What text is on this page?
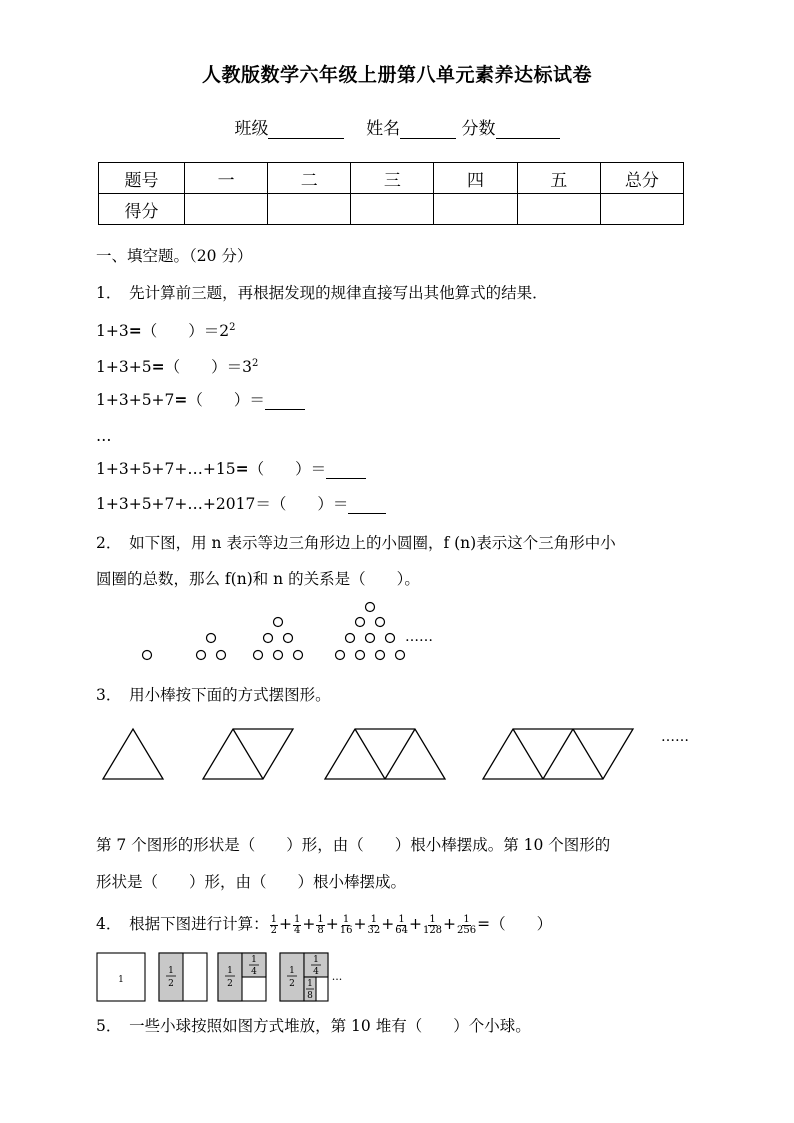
人教版数学六年级上册第八单元素养达标试卷
班级	姓名	分数
题号	一	二	三	四	五	总分
得分						
一、填空题。（20 分）
1．　先计算前三题，再根据发现的规律直接写出其他算式的结果．
1+3=（　　）$=2^2$
1+3+5=（　　）$=3^2$
1+3+5+7=（　　）＝
…
1+3+5+7+…+15=（　　）＝
1+3+5+7+…+2017＝（　　）＝
2．　如下图，用 n 表示等边三角形边上的小圆圈，f (n)表示这个三角形中小
圆圈的总数，那么 f(n)和 n 的关系是（　　）。
……
……
1
1
2
1
2
1
4	1
2
1
4
1
8
...
3．　用小棒按下面的方式摆图形。
第 7 个图形的形状是（　　）形，由（　　）根小棒摆成。第 10 个图形的
形状是（　　）形，由（　　）根小棒摆成。
4．　根据下图进行计算： $\frac{1}{2} + \frac{1}{4} + \frac{1}{8} + \frac{1}{16} + \frac{1}{32} + \frac{1}{64} + \frac{1}{128} + \frac{1}{256}$ =（　　）
5．　一些小球按照如图方式堆放，第 10 堆有（　　）个小球。
